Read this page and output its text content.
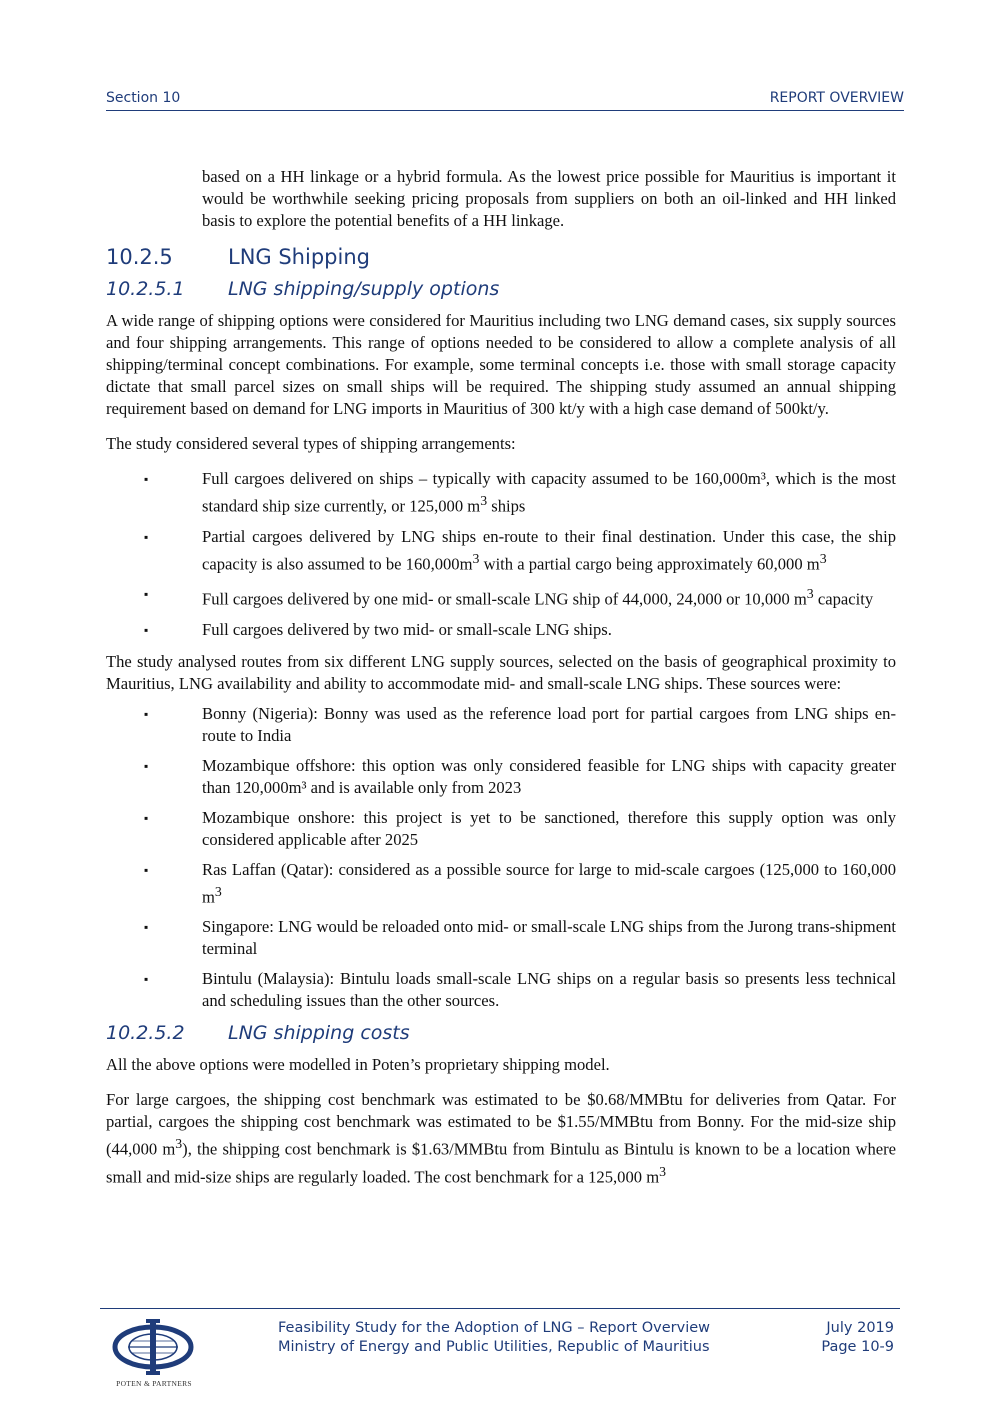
Section 10	REPORT OVERVIEW

based on a HH linkage or a hybrid formula. As the lowest price possible for Mauritius is important it would be worthwhile seeking pricing proposals from suppliers on both an oil-linked and HH linked basis to explore the potential benefits of a HH linkage.

10.2.5	LNG Shipping
10.2.5.1 LNG shipping/supply options

A wide range of shipping options were considered for Mauritius including two LNG demand cases, six supply sources and four shipping arrangements. This range of options needed to be considered to allow a complete analysis of all shipping/terminal concept combinations. For example, some terminal concepts i.e. those with small storage capacity dictate that small parcel sizes on small ships will be required. The shipping study assumed an annual shipping requirement based on demand for LNG imports in Mauritius of 300 kt/y with a high case demand of 500kt/y.

The study considered several types of shipping arrangements:

▪	Full cargoes delivered on ships – typically with capacity assumed to be 160,000m³, which is the most standard ship size currently, or 125,000 $m^3$ ships
▪	Partial cargoes delivered by LNG ships en-route to their final destination. Under this case, the ship capacity is also assumed to be $160,000m^3$ with a partial cargo being approximately 60,000 $m^3$
▪	Full cargoes delivered by one mid- or small-scale LNG ship of 44,000, 24,000 or 10,000 $m^3$ capacity
▪	Full cargoes delivered by two mid- or small-scale LNG ships.

The study analysed routes from six different LNG supply sources, selected on the basis of geographical proximity to Mauritius, LNG availability and ability to accommodate mid- and small-scale LNG ships. These sources were:

▪	Bonny (Nigeria): Bonny was used as the reference load port for partial cargoes from LNG ships en-route to India
▪	Mozambique offshore: this option was only considered feasible for LNG ships with capacity greater than 120,000m³ and is available only from 2023
▪	Mozambique onshore: this project is yet to be sanctioned, therefore this supply option was only considered applicable after 2025
▪	Ras Laffan (Qatar): considered as a possible source for large to mid-scale cargoes (125,000 to 160,000 $m^3$
▪	Singapore: LNG would be reloaded onto mid- or small-scale LNG ships from the Jurong trans-shipment terminal
▪	Bintulu (Malaysia): Bintulu loads small-scale LNG ships on a regular basis so presents less technical and scheduling issues than the other sources.
10.2.5.2 LNG shipping costs

All the above options were modelled in Poten’s proprietary shipping model.

For large cargoes, the shipping cost benchmark was estimated to be $0.68/MMBtu for deliveries from Qatar. For partial, cargoes the shipping cost benchmark was estimated to be $1.55/MMBtu from Bonny. For the mid-size ship (44,000 $m^3$), the shipping cost benchmark is $1.63/MMBtu from Bintulu as Bintulu is known to be a location where small and mid-size ships are regularly loaded. The cost benchmark for a 125,000 $m^3$

POTEN & PARTNERS
Feasibility Study for the Adoption of LNG – Report Overview
Ministry of Energy and Public Utilities, Republic of Mauritius
July 2019
Page 10-9
